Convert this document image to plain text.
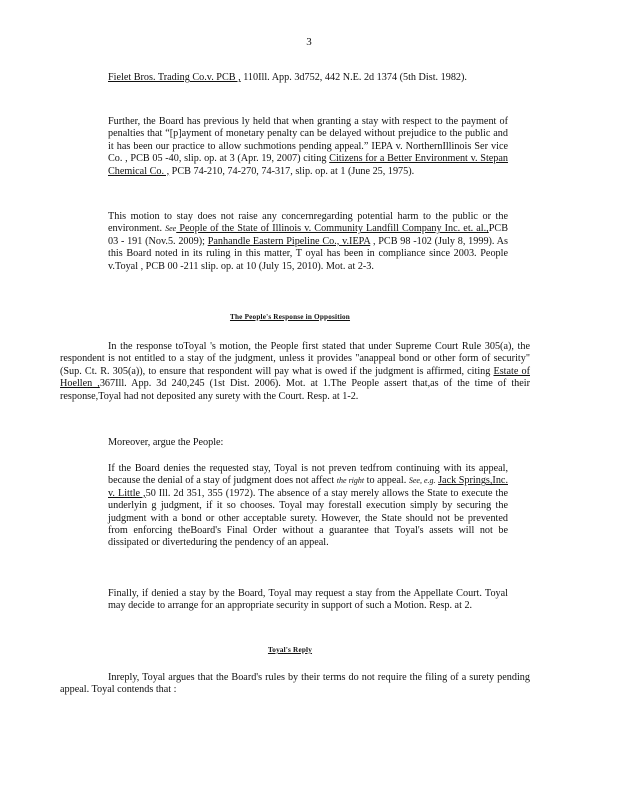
3

Fielet Bros. Trading Co.v. PCB , 110Ill. App. 3d752, 442 N.E. 2d 1374 (5th Dist. 1982).

Further, the Board has previous ly held that when granting a stay with respect to the payment of penalties that “[p]ayment of monetary penalty can be delayed without prejudice to the public and it has been our practice to allow suchmotions pending appeal.” IEPA v. NorthernIllinois Ser vice Co. , PCB 05 -40, slip. op. at 3 (Apr. 19, 2007) citing Citizens for a Better Environment v. Stepan Chemical Co. , PCB 74-210, 74-270, 74-317, slip. op. at 1 (June 25, 1975).

This motion to stay does not raise any concernregarding potential harm to the public or the environment. See People of the State of Illinois v. Community Landfill Company Inc. et. al.,PCB 03 - 191 (Nov.5. 2009); Panhandle Eastern Pipeline Co., v.IEPA , PCB 98 -102 (July 8, 1999). As this Board noted in its ruling in this matter, T oyal has been in compliance since 2003. People v.Toyal , PCB 00 -211 slip. op. at 10 (July 15, 2010). Mot. at 2-3.

The People's Response in Opposition

In the response toToyal 's motion, the People first stated that under Supreme Court Rule 305(a), the respondent is not entitled to a stay of the judgment, unless it provides "anappeal bond or other form of security" (Sup. Ct. R. 305(a)), to ensure that respondent will pay what is owed if the judgment is affirmed, citing Estate of Hoellen ,367Ill. App. 3d 240,245 (1st Dist. 2006). Mot. at 1.The People assert that,as of the time of their response,Toyal had not deposited any surety with the Court. Resp. at 1-2.

Moreover, argue the People:

If the Board denies the requested stay, Toyal is not preven tedfrom continuing with its appeal, because the denial of a stay of judgment does not affect the right to appeal. See, e.g. Jack Springs,Inc. v. Little ,50 Ill. 2d 351, 355 (1972). The absence of a stay merely allows the State to execute the underlyin g judgment, if it so chooses. Toyal may forestall execution simply by securing the judgment with a bond or other acceptable surety. However, the State should not be prevented from enforcing theBoard's Final Order without a guarantee that Toyal's assets will not be dissipated or diverteduring the pendency of an appeal.

Finally, if denied a stay by the Board, Toyal may request a stay from the Appellate Court. Toyal may decide to arrange for an appropriate security in support of such a Motion. Resp. at 2.

Toyal's Reply

Inreply, Toyal argues that the Board's rules by their terms do not require the filing of a surety pending appeal. Toyal contends that :
